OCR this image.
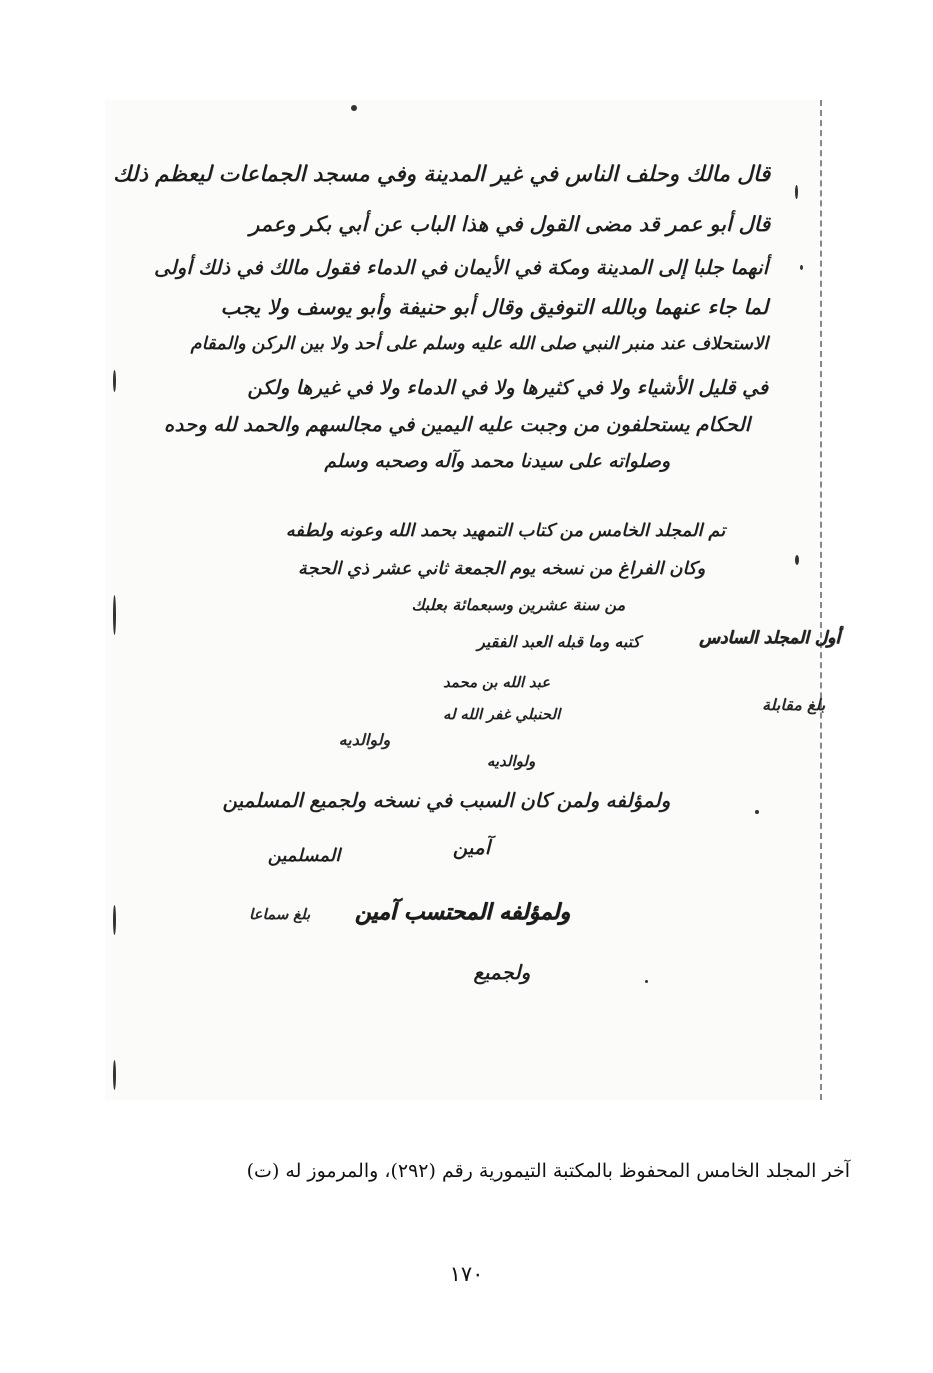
قال مالك وحلف الناس في غير المدينة وفي مسجد الجماعات ليعظم ذلك
قال أبو عمر قد مضى القول في هذا الباب عن أبي بكر وعمر
أنهما جلبا إلى المدينة ومكة في الأيمان في الدماء فقول مالك في ذلك أولى
لما جاء عنهما وبالله التوفيق وقال أبو حنيفة وأبو يوسف ولا يجب
الاستحلاف عند منبر النبي صلى الله عليه وسلم على أحد ولا بين الركن والمقام
في قليل الأشياء ولا في كثيرها ولا في الدماء ولا في غيرها ولكن
الحكام يستحلفون من وجبت عليه اليمين في مجالسهم والحمد لله وحده
وصلواته على سيدنا محمد وآله وصحبه وسلم
تم المجلد الخامس من كتاب التمهيد بحمد الله وعونه ولطفه
وكان الفراغ من نسخه يوم الجمعة ثاني عشر ذي الحجة
من سنة عشرين وسبعمائة بعلبك
كتبه وما قبله العبد الفقير
عبد الله بن محمد
الحنبلي غفر الله له
ولوالديه
ولمؤلفه ولمن كان السبب في نسخه ولجميع المسلمين
آمين
المسلمين
ولمؤلفه المحتسب آمين
ولجميع
أول المجلد السادس
بلغ مقابلة
ولوالديه
بلغ سماعا
آخر المجلد الخامس المحفوظ بالمكتبة التيمورية رقم (٢٩٢)، والمرموز له (ت)
١٧٠
